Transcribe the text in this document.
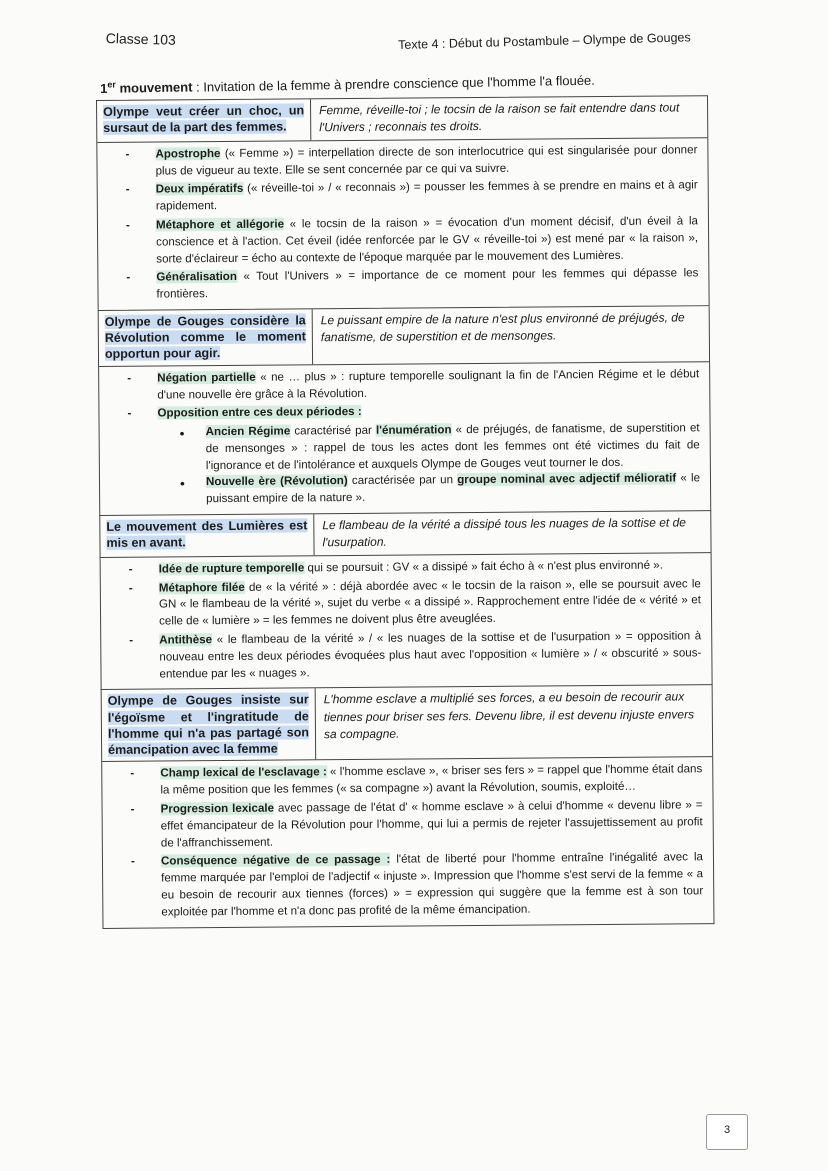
Classe 103	Texte 4 : Début du Postambule – Olympe de Gouges
1er mouvement : Invitation de la femme à prendre conscience que l'homme l'a flouée.
Olympe veut créer un choc, un sursaut de la part des femmes.
Femme, réveille-toi ; le tocsin de la raison se fait entendre dans tout l'Univers ; reconnais tes droits.
- Apostrophe (« Femme ») = interpellation directe de son interlocutrice qui est singularisée pour donner plus de vigueur au texte. Elle se sent concernée par ce qui va suivre.
- Deux impératifs (« réveille-toi » / « reconnais ») = pousser les femmes à se prendre en mains et à agir rapidement.
- Métaphore et allégorie « le tocsin de la raison » = évocation d'un moment décisif, d'un éveil à la conscience et à l'action. Cet éveil (idée renforcée par le GV « réveille-toi ») est mené par « la raison », sorte d'éclaireur = écho au contexte de l'époque marquée par le mouvement des Lumières.
- Généralisation « Tout l'Univers » = importance de ce moment pour les femmes qui dépasse les frontières.
Olympe de Gouges considère la Révolution comme le moment opportun pour agir.
Le puissant empire de la nature n'est plus environné de préjugés, de fanatisme, de superstition et de mensonges.
- Négation partielle « ne … plus » : rupture temporelle soulignant la fin de l'Ancien Régime et le début d'une nouvelle ère grâce à la Révolution.
- Opposition entre ces deux périodes :
• Ancien Régime caractérisé par l'énumération « de préjugés, de fanatisme, de superstition et de mensonges » : rappel de tous les actes dont les femmes ont été victimes du fait de l'ignorance et de l'intolérance et auxquels Olympe de Gouges veut tourner le dos.
• Nouvelle ère (Révolution) caractérisée par un groupe nominal avec adjectif mélioratif « le puissant empire de la nature ».
Le mouvement des Lumières est mis en avant.
Le flambeau de la vérité a dissipé tous les nuages de la sottise et de l'usurpation.
- Idée de rupture temporelle qui se poursuit : GV « a dissipé » fait écho à « n'est plus environné ».
- Métaphore filée de « la vérité » : déjà abordée avec « le tocsin de la raison », elle se poursuit avec le GN « le flambeau de la vérité », sujet du verbe « a dissipé ». Rapprochement entre l'idée de « vérité » et celle de « lumière » = les femmes ne doivent plus être aveuglées.
- Antithèse « le flambeau de la vérité » / « les nuages de la sottise et de l'usurpation » = opposition à nouveau entre les deux périodes évoquées plus haut avec l'opposition « lumière » / « obscurité » sous-entendue par les « nuages ».
Olympe de Gouges insiste sur l'égoïsme et l'ingratitude de l'homme qui n'a pas partagé son émancipation avec la femme
L'homme esclave a multiplié ses forces, a eu besoin de recourir aux tiennes pour briser ses fers. Devenu libre, il est devenu injuste envers sa compagne.
- Champ lexical de l'esclavage : « l'homme esclave », « briser ses fers » = rappel que l'homme était dans la même position que les femmes (« sa compagne ») avant la Révolution, soumis, exploité…
- Progression lexicale avec passage de l'état d' « homme esclave » à celui d'homme « devenu libre » = effet émancipateur de la Révolution pour l'homme, qui lui a permis de rejeter l'assujettissement au profit de l'affranchissement.
- Conséquence négative de ce passage : l'état de liberté pour l'homme entraîne l'inégalité avec la femme marquée par l'emploi de l'adjectif « injuste ». Impression que l'homme s'est servi de la femme « a eu besoin de recourir aux tiennes (forces) » = expression qui suggère que la femme est à son tour exploitée par l'homme et n'a donc pas profité de la même émancipation.
3
